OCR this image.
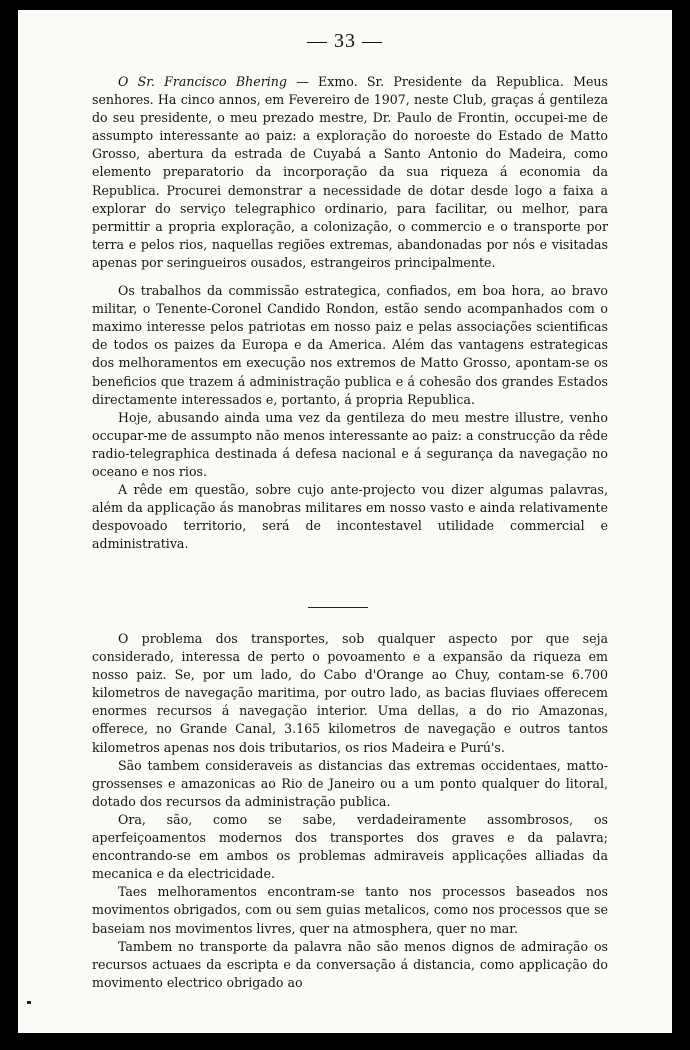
— 33 —

O Sr. Francisco Bhering — Exmo. Sr. Presidente da Republica. Meus senhores. Ha cinco annos, em Fevereiro de 1907, neste Club, graças á gentileza do seu presidente, o meu prezado mestre, Dr. Paulo de Frontin, occupei-me de assumpto interessante ao paiz: a exploração do noroeste do Estado de Matto Grosso, abertura da estrada de Cuyabá a Santo Antonio do Madeira, como elemento preparatorio da incorporação da sua riqueza á economia da Republica. Procurei demonstrar a necessidade de dotar desde logo a faixa a explorar do serviço telegraphico ordinario, para facilitar, ou melhor, para permittir a propria exploração, a colonização, o commercio e o transporte por terra e pelos rios, naquellas regiões extremas, abandonadas por nós e visitadas apenas por seringueiros ousados, estrangeiros principalmente.

Os trabalhos da commissão estrategica, confiados, em boa hora, ao bravo militar, o Tenente-Coronel Candido Rondon, estão sendo acompanhados com o maximo interesse pelos patriotas em nosso paiz e pelas associações scientificas de todos os paizes da Europa e da America. Além das vantagens estrategicas dos melhoramentos em execução nos extremos de Matto Grosso, apontam-se os beneficios que trazem á administração publica e á cohesão dos grandes Estados directamente interessados e, portanto, á propria Republica.

Hoje, abusando ainda uma vez da gentileza do meu mestre illustre, venho occupar-me de assumpto não menos interessante ao paiz: a construcção da rêde radio-telegraphica destinada á defesa nacional e á segurança da navegação no oceano e nos rios.

A rêde em questão, sobre cujo ante-projecto vou dizer algumas palavras, além da applicação ás manobras militares em nosso vasto e ainda relativamente despovoado territorio, será de incontestavel utilidade commercial e administrativa.

O problema dos transportes, sob qualquer aspecto por que seja considerado, interessa de perto o povoamento e a expansão da riqueza em nosso paiz. Se, por um lado, do Cabo d'Orange ao Chuy, contam-se 6.700 kilometros de navegação maritima, por outro lado, as bacias fluviaes offerecem enormes recursos á navegação interior. Uma dellas, a do rio Amazonas, offerece, no Grande Canal, 3.165 kilometros de navegação e outros tantos kilometros apenas nos dois tributarios, os rios Madeira e Purú's.

São tambem consideraveis as distancias das extremas occidentaes, matto-grossenses e amazonicas ao Rio de Janeiro ou a um ponto qualquer do litoral, dotado dos recursos da administração publica.

Ora, são, como se sabe, verdadeiramente assombrosos, os aperfeiçoamentos modernos dos transportes dos graves e da palavra; encontrando-se em ambos os problemas admiraveis applicações alliadas da mecanica e da electricidade.

Taes melhoramentos encontram-se tanto nos processos baseados nos movimentos obrigados, com ou sem guias metalicos, como nos processos que se baseiam nos movimentos livres, quer na atmosphera, quer no mar.

Tambem no transporte da palavra não são menos dignos de admiração os recursos actuaes da escripta e da conversação á distancia, como applicação do movimento electrico obrigado ao
